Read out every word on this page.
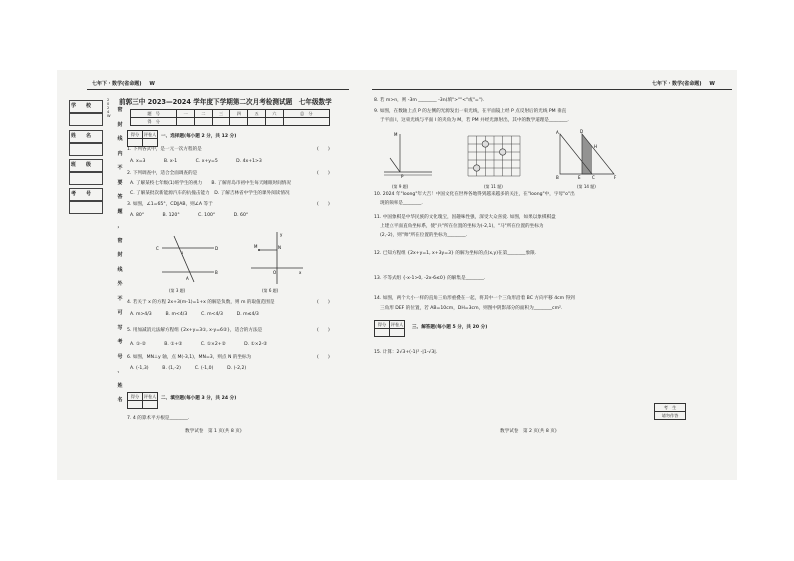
七年下・数学(省命题) W
学　　校
姓　　名
班　　级
考　　号
2024W
密
封
线
内
不
要
答
题
，
密
封
线
外
不
可
写
考
号
、
姓
名
前郭三中 2023—2024 学年度下学期第二次月考检测试题　七年级数学
题　号	一	二	三	四	五	六	总　分
得　分							
得分	评卷人
	一、选择题(每小题 2 分，共 12 分)
1. 下列各式中，是一元一次方程的是	(　　)
A. x=3　　　　B. x-1　　　　C. x+y=5　　　　D. 4x+1>3
2. 下列调查中，适合全面调查的是	(　　)
A. 了解某校七年级(1)班学生的视力　　B. 了解青岛市初中生每天睡眠时间情况
C. 了解某批次新能源汽车的抗撞击能力　D. 了解吉林省中学生的课外阅读情况
3. 如图，∠1=65°，CD∥AB，则∠A 等于	(　　)
A. 80°　　　　B. 120°　　　　C. 100°　　　　D. 60°
C	D
B
A
1
(第 3 题)
y
x
M	N
O
(第 6 题)
4. 若关于 x 的方程 2x+3(m-1)=1+x 的解是负数，则 m 的取值范围是	(　　)
A. m>4/3　　　B. m<4/3　　　C. m<4/3　　　D. m≤4/3
5. 用加减消元法解方程组 {2x+y=3①, x-y=6②}，适合的方法是	(　　)
A. ①-②　　　　B. ①+②　　　　C. ①×2+②　　　　D. ①×2-②
6. 如图，MN⊥y 轴，点 M(-3,1)，MN=3，则点 N 的坐标为	(　　)
A. (-1,3)　　　B. (1,-2)　　　C. (-1,0)　　　D. (-2,2)
得分	评卷人
	二、填空题(每小题 3 分，共 24 分)
7. 4 的算术平方根是________.
数学试卷　第 1 页(共 8 页)
七年下・数学(省命题) W
8. 若 m>n，则 -3m ________ -3n(填">""<"或"=").
9. 如图，在数轴上点 P 的左侧的光源发出一束光线，在平面镜上经 P 点反射后的光线 PM 垂直
于平面 l，这束光线与平面 l 的夹角为 M，若 PM 并经光源射出，其中的数学道理是________.
M
P
(第 9 题)	(第 11 题)
A	D
B	C	F
E
H
(第 14 题)
10. 2024 年"loong"年大吉！中国文化在世界各地得到越来越多的关注，在"loong"中，字母"o"出
现的频率是________.
11. 中国象棋是中华民族的文化瑰宝，因趣味性强，深受大众喜爱. 如图，如果以象棋棋盘
上建立平面直角坐标系，使"兵"所在位置的坐标为(-2,1)，"马"所在位置的坐标为
(2,-2)，则"帅"所在位置的坐标为________.
12. 已知方程组 {2x+y=1, x+3y=3} 的解为坐标的点(x,y)在第________象限.
13. 不等式组 {-x-1>0, -2x-6≤0} 的解集是________.
14. 如图，两个大小一样的直角三角形重叠在一起，将其中一个三角形沿着 BC 方向平移 4cm 得到
三角形 DEF 的位置，若 AB=10cm，DH=3cm，则图中阴影部分的面积为________cm².
得分	评卷人

三、解答题(每小题 5 分，共 20 分)
15. 计算：2√3+(-1)² -|1-√3|.
考　生
请勿作答
数学试卷　第 2 页(共 8 页)
